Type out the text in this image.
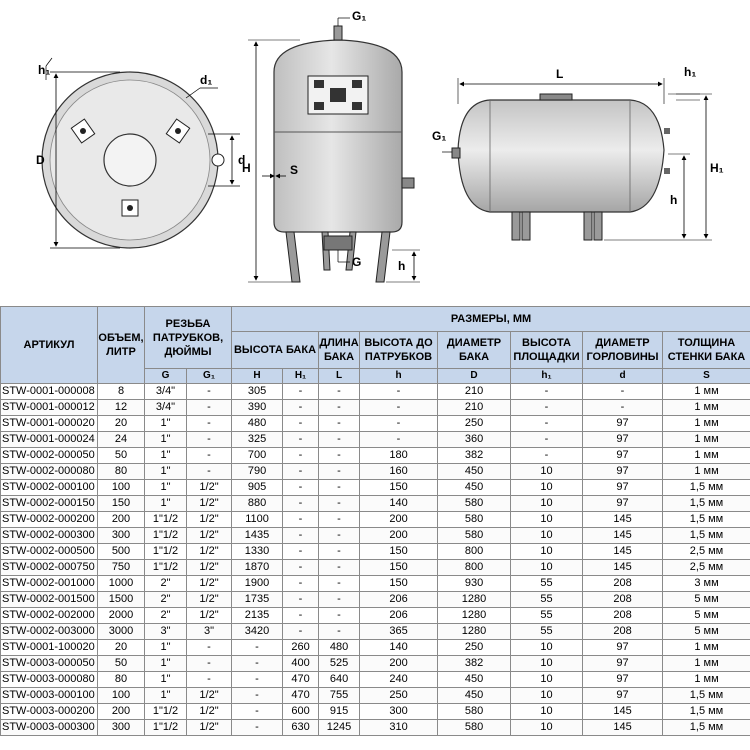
D
h₁
d₁
d
G₁
H	S
G	h
L
G₁
h₁
H₁
h
АРТИКУЛ	ОБЪЕМ, ЛИТР	РЕЗЬБА ПАТРУБКОВ, ДЮЙМЫ		РАЗМЕРЫ, ММ							
				ВЫСОТА БАКА		ДЛИНА БАКА	ВЫСОТА ДО ПАТРУБКОВ	ДИАМЕТР БАКА	ВЫСОТА ПЛОЩАДКИ	ДИАМЕТР ГОРЛОВИНЫ	ТОЛЩИНА СТЕНКИ БАКА
		G	G₁	H	H₁	L	h	D	h₁	d	S
STW-0001-000008	8	3/4"	-	305	-	-	-	210	-	-	1 мм
STW-0001-000012	12	3/4"	-	390	-	-	-	210	-	-	1 мм
STW-0001-000020	20	1"	-	480	-	-	-	250	-	97	1 мм
STW-0001-000024	24	1"	-	325	-	-	-	360	-	97	1 мм
STW-0002-000050	50	1"	-	700	-	-	180	382	-	97	1 мм
STW-0002-000080	80	1"	-	790	-	-	160	450	10	97	1 мм
STW-0002-000100	100	1"	1/2"	905	-	-	150	450	10	97	1,5 мм
STW-0002-000150	150	1"	1/2"	880	-	-	140	580	10	97	1,5 мм
STW-0002-000200	200	1"1/2	1/2"	1100	-	-	200	580	10	145	1,5 мм
STW-0002-000300	300	1"1/2	1/2"	1435	-	-	200	580	10	145	1,5 мм
STW-0002-000500	500	1"1/2	1/2"	1330	-	-	150	800	10	145	2,5 мм
STW-0002-000750	750	1"1/2	1/2"	1870	-	-	150	800	10	145	2,5 мм
STW-0002-001000	1000	2"	1/2"	1900	-	-	150	930	55	208	3 мм
STW-0002-001500	1500	2"	1/2"	1735	-	-	206	1280	55	208	5 мм
STW-0002-002000	2000	2"	1/2"	2135	-	-	206	1280	55	208	5 мм
STW-0002-003000	3000	3"	3"	3420	-	-	365	1280	55	208	5 мм
STW-0001-100020	20	1"	-	-	260	480	140	250	10	97	1 мм
STW-0003-000050	50	1"	-	-	400	525	200	382	10	97	1 мм
STW-0003-000080	80	1"	-	-	470	640	240	450	10	97	1 мм
STW-0003-000100	100	1"	1/2"	-	470	755	250	450	10	97	1,5 мм
STW-0003-000200	200	1"1/2	1/2"	-	600	915	300	580	10	145	1,5 мм
STW-0003-000300	300	1"1/2	1/2"	-	630	1245	310	580	10	145	1,5 мм
